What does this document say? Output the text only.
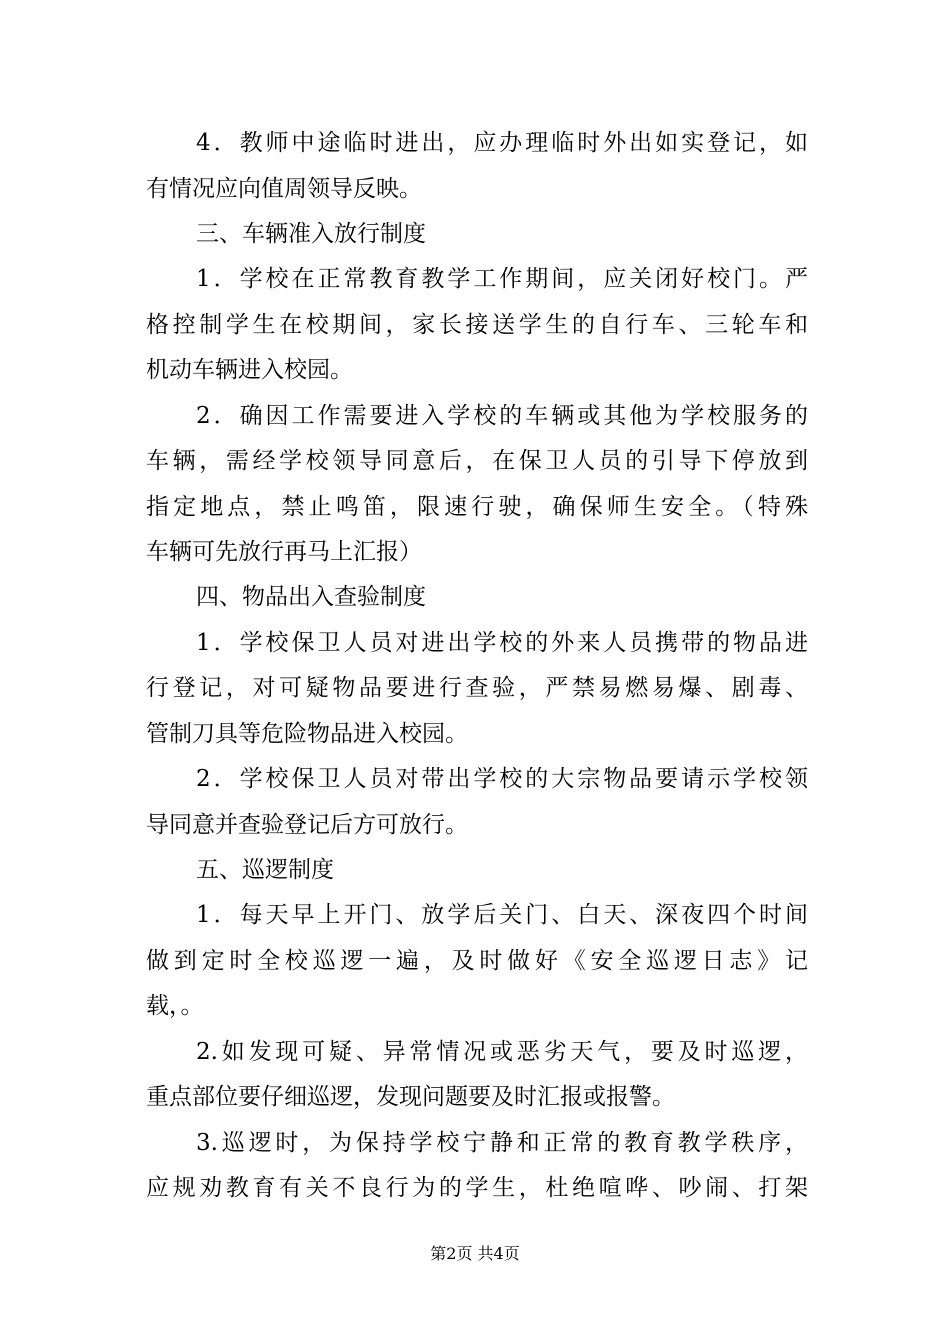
4．教师中途临时进出，应办理临时外出如实登记，如
有情况应向值周领导反映。
三、车辆准入放行制度
1．学校在正常教育教学工作期间，应关闭好校门。严
格控制学生在校期间，家长接送学生的自行车、三轮车和
机动车辆进入校园。
2．确因工作需要进入学校的车辆或其他为学校服务的
车辆，需经学校领导同意后，在保卫人员的引导下停放到
指定地点，禁止鸣笛，限速行驶，确保师生安全。（特殊
车辆可先放行再马上汇报）
四、物品出入查验制度
1．学校保卫人员对进出学校的外来人员携带的物品进
行登记，对可疑物品要进行查验，严禁易燃易爆、剧毒、
管制刀具等危险物品进入校园。
2．学校保卫人员对带出学校的大宗物品要请示学校领
导同意并查验登记后方可放行。
五、巡逻制度
1．每天早上开门、放学后关门、白天、深夜四个时间
做到定时全校巡逻一遍，及时做好《安全巡逻日志》记
载，。
2.如发现可疑、异常情况或恶劣天气，要及时巡逻，
重点部位要仔细巡逻，发现问题要及时汇报或报警。
3.巡逻时，为保持学校宁静和正常的教育教学秩序，
应规劝教育有关不良行为的学生，杜绝喧哗、吵闹、打架
第2页 共4页
